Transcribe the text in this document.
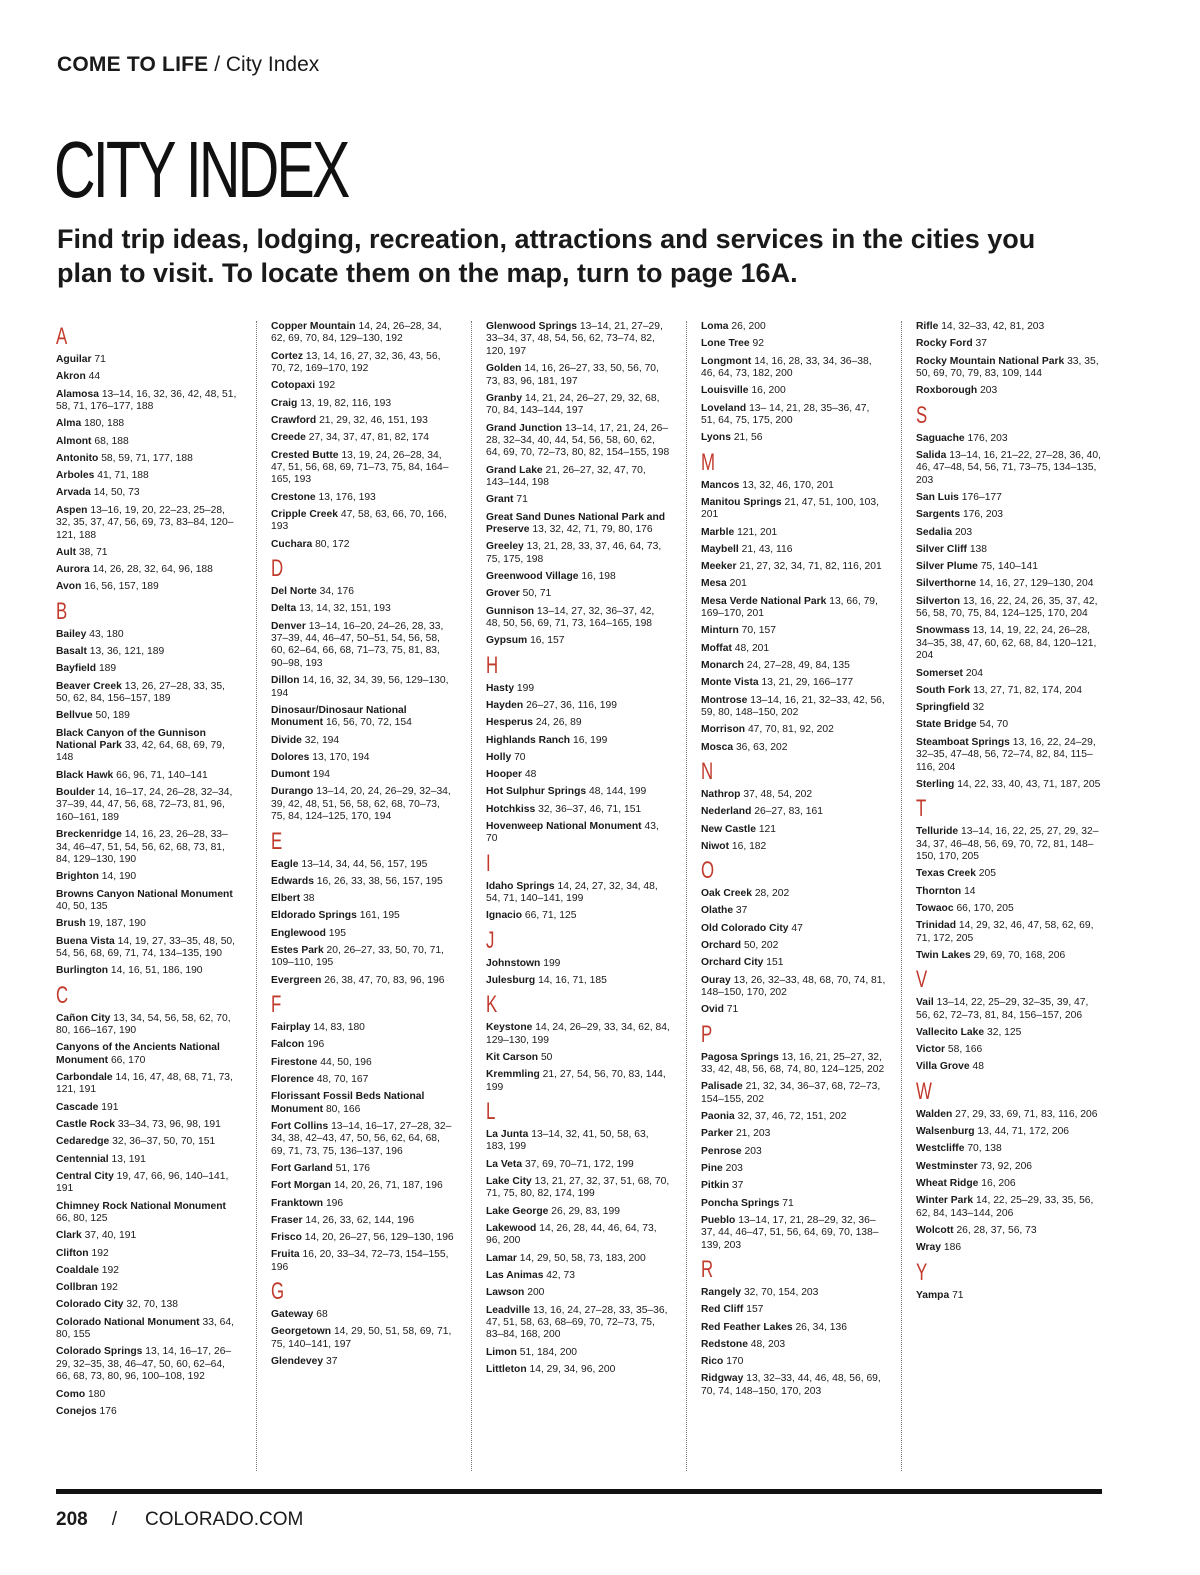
COME TO LIFE / City Index
CITY INDEX
Find trip ideas, lodging, recreation, attractions and services in the cities you plan to visit. To locate them on the map, turn to page 16A.
A
Aguilar 71
Akron 44
Alamosa 13–14, 16, 32, 36, 42, 48, 51, 58, 71, 176–177, 188
Alma 180, 188
Almont 68, 188
Antonito 58, 59, 71, 177, 188
Arboles 41, 71, 188
Arvada 14, 50, 73
Aspen 13–16, 19, 20, 22–23, 25–28, 32, 35, 37, 47, 56, 69, 73, 83–84, 120–121, 188
Ault 38, 71
Aurora 14, 26, 28, 32, 64, 96, 188
Avon 16, 56, 157, 189
B
Bailey 43, 180
Basalt 13, 36, 121, 189
Bayfield 189
Beaver Creek 13, 26, 27–28, 33, 35, 50, 62, 84, 156–157, 189
Bellvue 50, 189
Black Canyon of the Gunnison National Park 33, 42, 64, 68, 69, 79, 148
Black Hawk 66, 96, 71, 140–141
Boulder 14, 16–17, 24, 26–28, 32–34, 37–39, 44, 47, 56, 68, 72–73, 81, 96, 160–161, 189
Breckenridge 14, 16, 23, 26–28, 33–34, 46–47, 51, 54, 56, 62, 68, 73, 81, 84, 129–130, 190
Brighton 14, 190
Browns Canyon National Monument 40, 50, 135
Brush 19, 187, 190
Buena Vista 14, 19, 27, 33–35, 48, 50, 54, 56, 68, 69, 71, 74, 134–135, 190
Burlington 14, 16, 51, 186, 190
C
Cañon City 13, 34, 54, 56, 58, 62, 70, 80, 166–167, 190
Canyons of the Ancients National Monument 66, 170
Carbondale 14, 16, 47, 48, 68, 71, 73, 121, 191
Cascade 191
Castle Rock 33–34, 73, 96, 98, 191
Cedaredge 32, 36–37, 50, 70, 151
Centennial 13, 191
Central City 19, 47, 66, 96, 140–141, 191
Chimney Rock National Monument 66, 80, 125
Clark 37, 40, 191
Clifton 192
Coaldale 192
Collbran 192
Colorado City 32, 70, 138
Colorado National Monument 33, 64, 80, 155
Colorado Springs 13, 14, 16–17, 26–29, 32–35, 38, 46–47, 50, 60, 62–64, 66, 68, 73, 80, 96, 100–108, 192
Como 180
Conejos 176
Copper Mountain 14, 24, 26–28, 34, 62, 69, 70, 84, 129–130, 192
Cortez 13, 14, 16, 27, 32, 36, 43, 56, 70, 72, 169–170, 192
Cotopaxi 192
Craig 13, 19, 82, 116, 193
Crawford 21, 29, 32, 46, 151, 193
Creede 27, 34, 37, 47, 81, 82, 174
Crested Butte 13, 19, 24, 26–28, 34, 47, 51, 56, 68, 69, 71–73, 75, 84, 164–165, 193
Crestone 13, 176, 193
Cripple Creek 47, 58, 63, 66, 70, 166, 193
Cuchara 80, 172
D
Del Norte 34, 176
Delta 13, 14, 32, 151, 193
Denver 13–14, 16–20, 24–26, 28, 33, 37–39, 44, 46–47, 50–51, 54, 56, 58, 60, 62–64, 66, 68, 71–73, 75, 81, 83, 90–98, 193
Dillon 14, 16, 32, 34, 39, 56, 129–130, 194
Dinosaur/Dinosaur National Monument 16, 56, 70, 72, 154
Divide 32, 194
Dolores 13, 170, 194
Dumont 194
Durango 13–14, 20, 24, 26–29, 32–34, 39, 42, 48, 51, 56, 58, 62, 68, 70–73, 75, 84, 124–125, 170, 194
E
Eagle 13–14, 34, 44, 56, 157, 195
Edwards 16, 26, 33, 38, 56, 157, 195
Elbert 38
Eldorado Springs 161, 195
Englewood 195
Estes Park 20, 26–27, 33, 50, 70, 71, 109–110, 195
Evergreen 26, 38, 47, 70, 83, 96, 196
F
Fairplay 14, 83, 180
Falcon 196
Firestone 44, 50, 196
Florence 48, 70, 167
Florissant Fossil Beds National Monument 80, 166
Fort Collins 13–14, 16–17, 27–28, 32–34, 38, 42–43, 47, 50, 56, 62, 64, 68, 69, 71, 73, 75, 136–137, 196
Fort Garland 51, 176
Fort Morgan 14, 20, 26, 71, 187, 196
Franktown 196
Fraser 14, 26, 33, 62, 144, 196
Frisco 14, 20, 26–27, 56, 129–130, 196
Fruita 16, 20, 33–34, 72–73, 154–155, 196
G
Gateway 68
Georgetown 14, 29, 50, 51, 58, 69, 71, 75, 140–141, 197
Glendevey 37
Glenwood Springs 13–14, 21, 27–29, 33–34, 37, 48, 54, 56, 62, 73–74, 82, 120, 197
Golden 14, 16, 26–27, 33, 50, 56, 70, 73, 83, 96, 181, 197
Granby 14, 21, 24, 26–27, 29, 32, 68, 70, 84, 143–144, 197
Grand Junction 13–14, 17, 21, 24, 26–28, 32–34, 40, 44, 54, 56, 58, 60, 62, 64, 69, 70, 72–73, 80, 82, 154–155, 198
Grand Lake 21, 26–27, 32, 47, 70, 143–144, 198
Grant 71
Great Sand Dunes National Park and Preserve 13, 32, 42, 71, 79, 80, 176
Greeley 13, 21, 28, 33, 37, 46, 64, 73, 75, 175, 198
Greenwood Village 16, 198
Grover 50, 71
Gunnison 13–14, 27, 32, 36–37, 42, 48, 50, 56, 69, 71, 73, 164–165, 198
Gypsum 16, 157
H
Hasty 199
Hayden 26–27, 36, 116, 199
Hesperus 24, 26, 89
Highlands Ranch 16, 199
Holly 70
Hooper 48
Hot Sulphur Springs 48, 144, 199
Hotchkiss 32, 36–37, 46, 71, 151
Hovenweep National Monument 43, 70
I
Idaho Springs 14, 24, 27, 32, 34, 48, 54, 71, 140–141, 199
Ignacio 66, 71, 125
J
Johnstown 199
Julesburg 14, 16, 71, 185
K
Keystone 14, 24, 26–29, 33, 34, 62, 84, 129–130, 199
Kit Carson 50
Kremmling 21, 27, 54, 56, 70, 83, 144, 199
L
La Junta 13–14, 32, 41, 50, 58, 63, 183, 199
La Veta 37, 69, 70–71, 172, 199
Lake City 13, 21, 27, 32, 37, 51, 68, 70, 71, 75, 80, 82, 174, 199
Lake George 26, 29, 83, 199
Lakewood 14, 26, 28, 44, 46, 64, 73, 96, 200
Lamar 14, 29, 50, 58, 73, 183, 200
Las Animas 42, 73
Lawson 200
Leadville 13, 16, 24, 27–28, 33, 35–36, 47, 51, 58, 63, 68–69, 70, 72–73, 75, 83–84, 168, 200
Limon 51, 184, 200
Littleton 14, 29, 34, 96, 200
Loma 26, 200
Lone Tree 92
Longmont 14, 16, 28, 33, 34, 36–38, 46, 64, 73, 182, 200
Louisville 16, 200
Loveland 13– 14, 21, 28, 35–36, 47, 51, 64, 75, 175, 200
Lyons 21, 56
M
Mancos 13, 32, 46, 170, 201
Manitou Springs 21, 47, 51, 100, 103, 201
Marble 121, 201
Maybell 21, 43, 116
Meeker 21, 27, 32, 34, 71, 82, 116, 201
Mesa 201
Mesa Verde National Park 13, 66, 79, 169–170, 201
Minturn 70, 157
Moffat 48, 201
Monarch 24, 27–28, 49, 84, 135
Monte Vista 13, 21, 29, 166–177
Montrose 13–14, 16, 21, 32–33, 42, 56, 59, 80, 148–150, 202
Morrison 47, 70, 81, 92, 202
Mosca 36, 63, 202
N
Nathrop 37, 48, 54, 202
Nederland 26–27, 83, 161
New Castle 121
Niwot 16, 182
O
Oak Creek 28, 202
Olathe 37
Old Colorado City 47
Orchard 50, 202
Orchard City 151
Ouray 13, 26, 32–33, 48, 68, 70, 74, 81, 148–150, 170, 202
Ovid 71
P
Pagosa Springs 13, 16, 21, 25–27, 32, 33, 42, 48, 56, 68, 74, 80, 124–125, 202
Palisade 21, 32, 34, 36–37, 68, 72–73, 154–155, 202
Paonia 32, 37, 46, 72, 151, 202
Parker 21, 203
Penrose 203
Pine 203
Pitkin 37
Poncha Springs 71
Pueblo 13–14, 17, 21, 28–29, 32, 36–37, 44, 46–47, 51, 56, 64, 69, 70, 138–139, 203
R
Rangely 32, 70, 154, 203
Red Cliff 157
Red Feather Lakes 26, 34, 136
Redstone 48, 203
Rico 170
Ridgway 13, 32–33, 44, 46, 48, 56, 69, 70, 74, 148–150, 170, 203
Rifle 14, 32–33, 42, 81, 203
Rocky Ford 37
Rocky Mountain National Park 33, 35, 50, 69, 70, 79, 83, 109, 144
Roxborough 203
S
Saguache 176, 203
Salida 13–14, 16, 21–22, 27–28, 36, 40, 46, 47–48, 54, 56, 71, 73–75, 134–135, 203
San Luis 176–177
Sargents 176, 203
Sedalia 203
Silver Cliff 138
Silver Plume 75, 140–141
Silverthorne 14, 16, 27, 129–130, 204
Silverton 13, 16, 22, 24, 26, 35, 37, 42, 56, 58, 70, 75, 84, 124–125, 170, 204
Snowmass 13, 14, 19, 22, 24, 26–28, 34–35, 38, 47, 60, 62, 68, 84, 120–121, 204
Somerset 204
South Fork 13, 27, 71, 82, 174, 204
Springfield 32
State Bridge 54, 70
Steamboat Springs 13, 16, 22, 24–29, 32–35, 47–48, 56, 72–74, 82, 84, 115–116, 204
Sterling 14, 22, 33, 40, 43, 71, 187, 205
T
Telluride 13–14, 16, 22, 25, 27, 29, 32–34, 37, 46–48, 56, 69, 70, 72, 81, 148–150, 170, 205
Texas Creek 205
Thornton 14
Towaoc 66, 170, 205
Trinidad 14, 29, 32, 46, 47, 58, 62, 69, 71, 172, 205
Twin Lakes 29, 69, 70, 168, 206
V
Vail 13–14, 22, 25–29, 32–35, 39, 47, 56, 62, 72–73, 81, 84, 156–157, 206
Vallecito Lake 32, 125
Victor 58, 166
Villa Grove 48
W
Walden 27, 29, 33, 69, 71, 83, 116, 206
Walsenburg 13, 44, 71, 172, 206
Westcliffe 70, 138
Westminster 73, 92, 206
Wheat Ridge 16, 206
Winter Park 14, 22, 25–29, 33, 35, 56, 62, 84, 143–144, 206
Wolcott 26, 28, 37, 56, 73
Wray 186
Y
Yampa 71
208 / COLORADO.COM
